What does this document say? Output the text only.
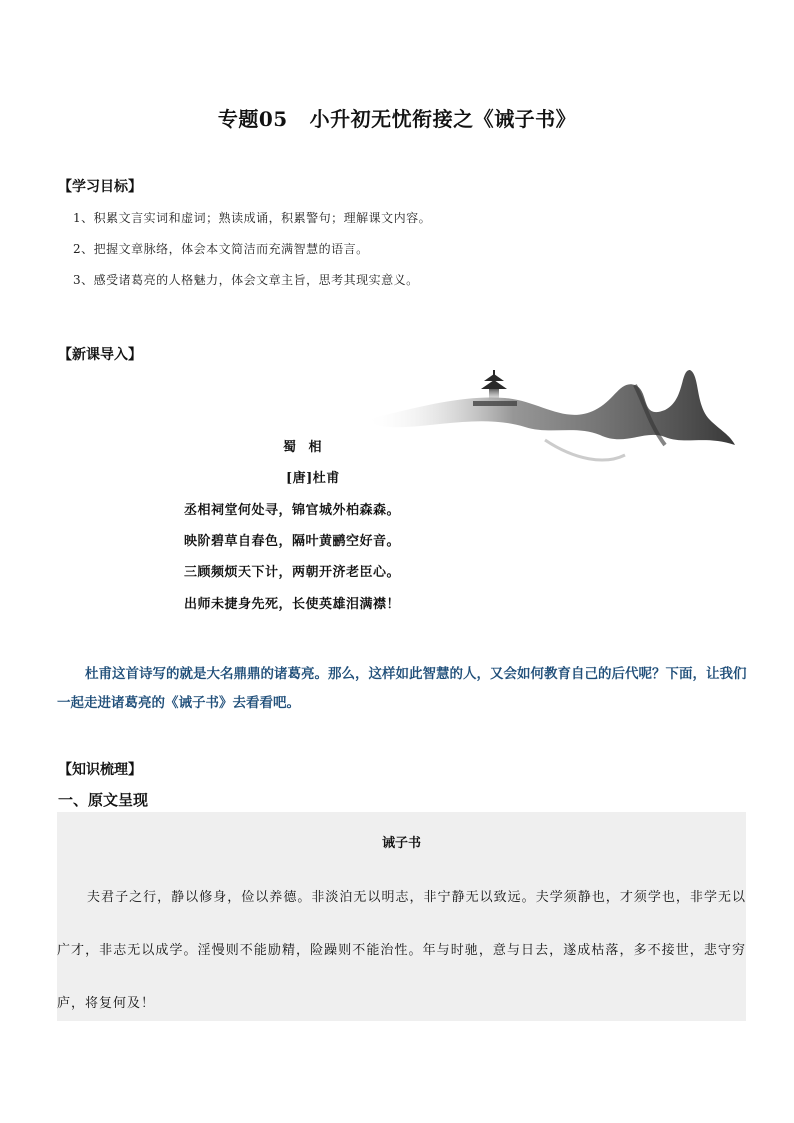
专题05 小升初无忧衔接之《诫子书》
【学习目标】
1、积累文言实词和虚词；熟读成诵，积累警句；理解课文内容。
2、把握文章脉络，体会本文简洁而充满智慧的语言。
3、感受诸葛亮的人格魅力，体会文章主旨，思考其现实意义。
【新课导入】
蜀 相
[唐]杜甫
丞相祠堂何处寻，锦官城外柏森森。
映阶碧草自春色，隔叶黄鹂空好音。
三顾频烦天下计，两朝开济老臣心。
出师未捷身先死，长使英雄泪满襟！
杜甫这首诗写的就是大名鼎鼎的诸葛亮。那么，这样如此智慧的人，又会如何教育自己的后代呢？下面，让我们一起走进诸葛亮的《诫子书》去看看吧。
【知识梳理】
一、原文呈现
诫子书
夫君子之行，静以修身，俭以养德。非淡泊无以明志，非宁静无以致远。夫学须静也，才须学也，非学无以广才，非志无以成学。淫慢则不能励精，险躁则不能治性。年与时驰，意与日去，遂成枯落，多不接世，悲守穷庐，将复何及！
